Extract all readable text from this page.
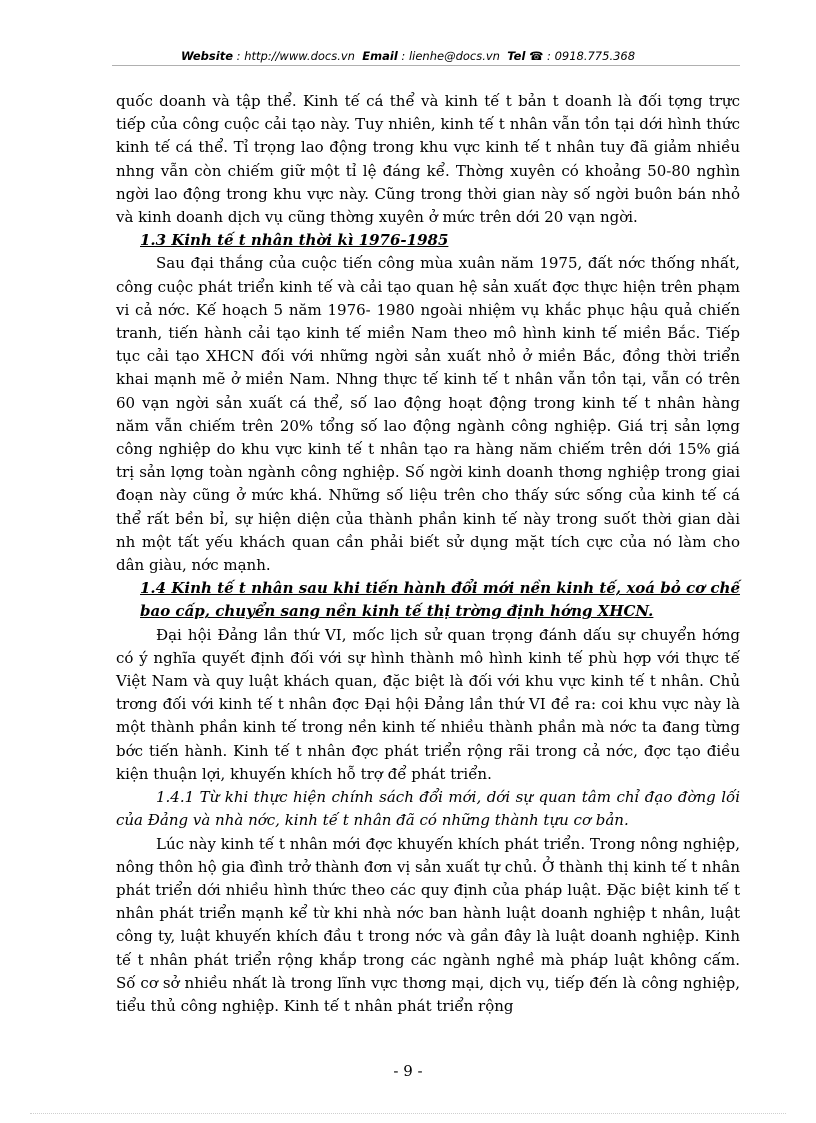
Website : http://www.docs.vn Email : lienhe@docs.vn Tel ☎ : 0918.775.368

quốc doanh và tập thể. Kinh tế cá thể và kinh tế t bản t doanh là đối tợng trực tiếp của công cuộc cải tạo này. Tuy nhiên, kinh tế t nhân vẫn tồn tại dới hình thức kinh tế cá thể. Tỉ trọng lao động trong khu vực kinh tế t nhân tuy đã giảm nhiều nhng vẫn còn chiếm giữ một tỉ lệ đáng kể. Thờng xuyên có khoảng 50-80 nghìn ngời lao động trong khu vực này. Cũng trong thời gian này số ngời buôn bán nhỏ và kinh doanh dịch vụ cũng thờng xuyên ở mức trên dới 20 vạn ngời.

1.3 Kinh tế t nhân thời kì 1976-1985

Sau đại thắng của cuộc tiến công mùa xuân năm 1975, đất nớc thống nhất, công cuộc phát triển kinh tế và cải tạo quan hệ sản xuất đợc thực hiện trên phạm vi cả nớc. Kế hoạch 5 năm 1976- 1980 ngoài nhiệm vụ khắc phục hậu quả chiến tranh, tiến hành cải tạo kinh tế miền Nam theo mô hình kinh tế miền Bắc. Tiếp tục cải tạo XHCN đối với những ngời sản xuất nhỏ ở miền Bắc, đồng thời triển khai mạnh mẽ ở miền Nam. Nhng thực tế kinh tế t nhân vẫn tồn tại, vẫn có trên 60 vạn ngời sản xuất cá thể, số lao động hoạt động trong kinh tế t nhân hàng năm vẫn chiếm trên 20% tổng số lao động ngành công nghiệp. Giá trị sản lợng công nghiệp do khu vực kinh tế t nhân tạo ra hàng năm chiếm trên dới 15% giá trị sản lợng toàn ngành công nghiệp. Số ngời kinh doanh thơng nghiệp trong giai đoạn này cũng ở mức khá. Những số liệu trên cho thấy sức sống của kinh tế cá thể rất bền bỉ, sự hiện diện của thành phần kinh tế này trong suốt thời gian dài nh một tất yếu khách quan cần phải biết sử dụng mặt tích cực của nó làm cho dân giàu, nớc mạnh.

1.4 Kinh tế t nhân sau khi tiến hành đổi mới nền kinh tế, xoá bỏ cơ chế bao cấp, chuyển sang nền kinh tế thị trờng định hớng XHCN.

Đại hội Đảng lần thứ VI, mốc lịch sử quan trọng đánh dấu sự chuyển hớng có ý nghĩa quyết định đối với sự hình thành mô hình kinh tế phù hợp với thực tế Việt Nam và quy luật khách quan, đặc biệt là đối với khu vực kinh tế t nhân. Chủ trơng đối với kinh tế t nhân đợc Đại hội Đảng lần thứ VI đề ra: coi khu vực này là một thành phần kinh tế trong nền kinh tế nhiều thành phần mà nớc ta đang từng bớc tiến hành. Kinh tế t nhân đợc phát triển rộng rãi trong cả nớc, đợc tạo điều kiện thuận lợi, khuyến khích hỗ trợ để phát triển.

1.4.1 Từ khi thực hiện chính sách đổi mới, dới sự quan tâm chỉ đạo đờng lối của Đảng và nhà nớc, kinh tế t nhân đã có những thành tựu cơ bản.

Lúc này kinh tế t nhân mới đợc khuyến khích phát triển. Trong nông nghiệp, nông thôn hộ gia đình trở thành đơn vị sản xuất tự chủ. Ở thành thị kinh tế t nhân phát triển dới nhiều hình thức theo các quy định của pháp luật. Đặc biệt kinh tế t nhân phát triển mạnh kể từ khi nhà nớc ban hành luật doanh nghiệp t nhân, luật công ty, luật khuyến khích đầu t trong nớc và gần đây là luật doanh nghiệp. Kinh tế t nhân phát triển rộng khắp trong các ngành nghề mà pháp luật không cấm. Số cơ sở nhiều nhất là trong lĩnh vực thơng mại, dịch vụ, tiếp đến là công nghiệp, tiểu thủ công nghiệp. Kinh tế t nhân phát triển rộng

- 9 -
